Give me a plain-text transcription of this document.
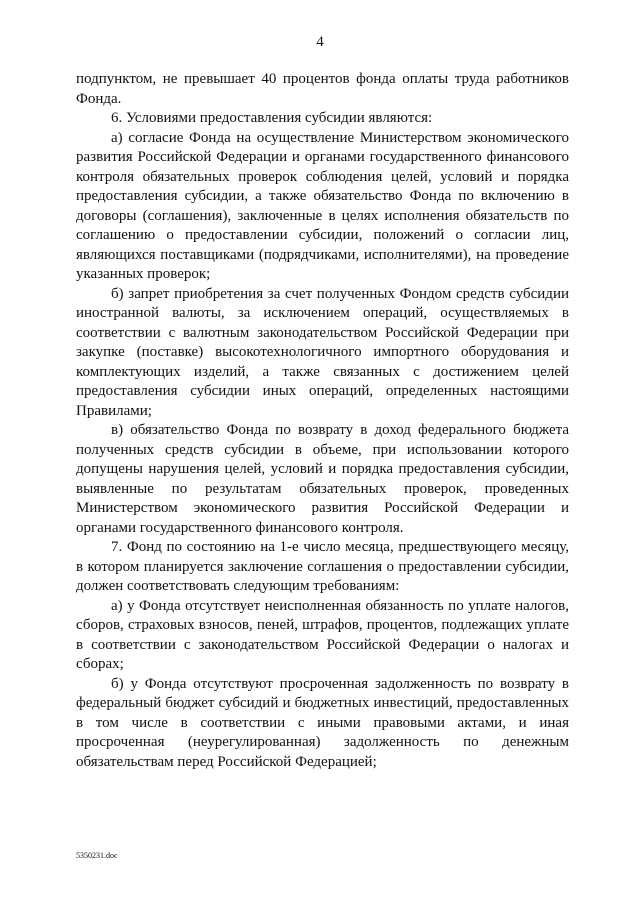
4

подпунктом, не превышает 40 процентов фонда оплаты труда работников Фонда.

6. Условиями предоставления субсидии являются:

а) согласие Фонда на осуществление Министерством экономического развития Российской Федерации и органами государственного финансового контроля обязательных проверок соблюдения целей, условий и порядка предоставления субсидии, а также обязательство Фонда по включению в договоры (соглашения), заключенные в целях исполнения обязательств по соглашению о предоставлении субсидии, положений о согласии лиц, являющихся поставщиками (подрядчиками, исполнителями), на проведение указанных проверок;

б) запрет приобретения за счет полученных Фондом средств субсидии иностранной валюты, за исключением операций, осуществляемых в соответствии с валютным законодательством Российской Федерации при закупке (поставке) высокотехнологичного импортного оборудования и комплектующих изделий, а также связанных с достижением целей предоставления субсидии иных операций, определенных настоящими Правилами;

в) обязательство Фонда по возврату в доход федерального бюджета полученных средств субсидии в объеме, при использовании которого допущены нарушения целей, условий и порядка предоставления субсидии, выявленные по результатам обязательных проверок, проведенных Министерством экономического развития Российской Федерации и органами государственного финансового контроля.

7. Фонд по состоянию на 1-е число месяца, предшествующего месяцу, в котором планируется заключение соглашения о предоставлении субсидии, должен соответствовать следующим требованиям:

а) у Фонда отсутствует неисполненная обязанность по уплате налогов, сборов, страховых взносов, пеней, штрафов, процентов, подлежащих уплате в соответствии с законодательством Российской Федерации о налогах и сборах;

б) у Фонда отсутствуют просроченная задолженность по возврату в федеральный бюджет субсидий и бюджетных инвестиций, предоставленных в том числе в соответствии с иными правовыми актами, и иная просроченная (неурегулированная) задолженность по денежным обязательствам перед Российской Федерацией;

5350231.doc
